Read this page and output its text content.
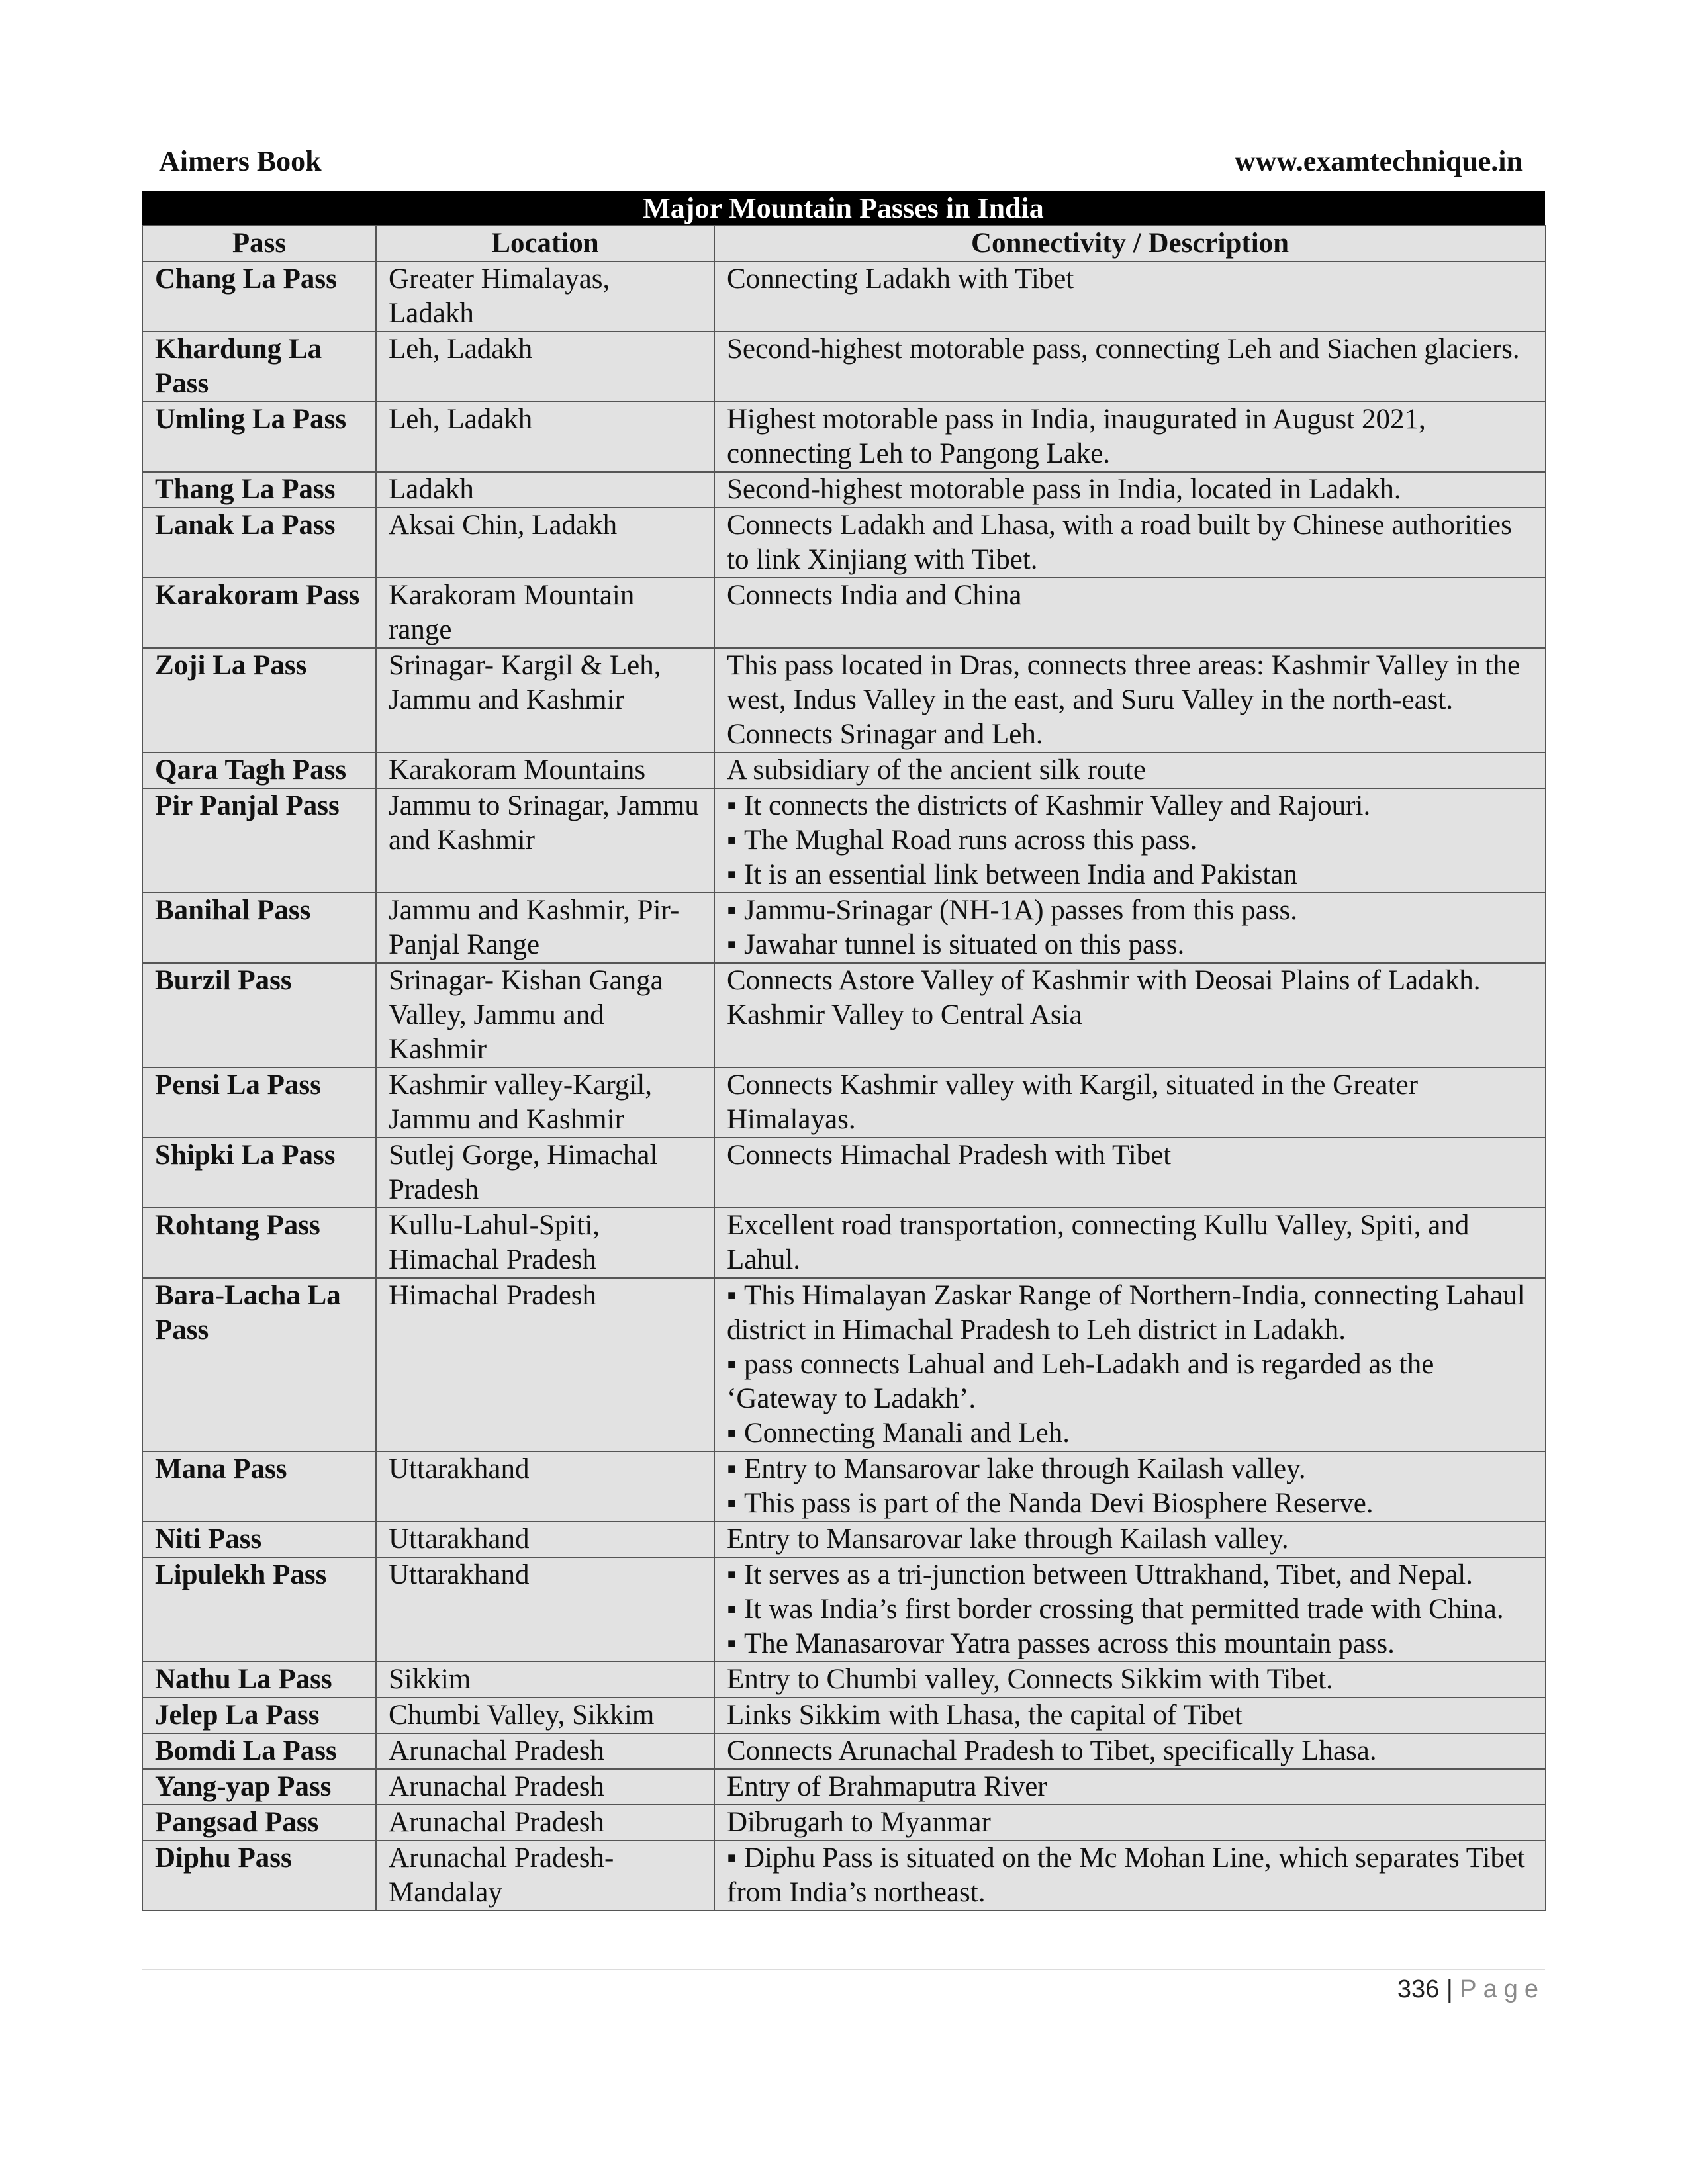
Aimers Book	www.examtechnique.in
Major Mountain Passes in India
Pass	Location	Connectivity / Description
Chang La Pass	Greater Himalayas, Ladakh	Connecting Ladakh with Tibet

Khardung La Pass	Leh, Ladakh	Second-highest motorable pass, connecting Leh and Siachen glaciers.

Umling La Pass	Leh, Ladakh	Highest motorable pass in India, inaugurated in August 2021, connecting Leh to Pangong Lake.

Thang La Pass	Ladakh	Second-highest motorable pass in India, located in Ladakh.

Lanak La Pass	Aksai Chin, Ladakh	Connects Ladakh and Lhasa, with a road built by Chinese authorities to link Xinjiang with Tibet.

Karakoram Pass	Karakoram Mountain range	Connects India and China

Zoji La Pass	Srinagar- Kargil & Leh, Jammu and Kashmir	This pass located in Dras, connects three areas: Kashmir Valley in the west, Indus Valley in the east, and Suru Valley in the north-east. Connects Srinagar and Leh.

Qara Tagh Pass	Karakoram Mountains	A subsidiary of the ancient silk route

Pir Panjal Pass	Jammu to Srinagar, Jammu and Kashmir	▪ It connects the districts of Kashmir Valley and Rajouri.
▪ The Mughal Road runs across this pass.
▪ It is an essential link between India and Pakistan

Banihal Pass	Jammu and Kashmir, Pir-Panjal Range	▪ Jammu-Srinagar (NH-1A) passes from this pass.
▪ Jawahar tunnel is situated on this pass.

Burzil Pass	Srinagar- Kishan Ganga Valley, Jammu and Kashmir	Connects Astore Valley of Kashmir with Deosai Plains of Ladakh. Kashmir Valley to Central Asia

Pensi La Pass	Kashmir valley-Kargil, Jammu and Kashmir	Connects Kashmir valley with Kargil, situated in the Greater Himalayas.

Shipki La Pass	Sutlej Gorge, Himachal Pradesh	Connects Himachal Pradesh with Tibet

Rohtang Pass	Kullu-Lahul-Spiti, Himachal Pradesh	Excellent road transportation, connecting Kullu Valley, Spiti, and Lahul.

Bara-Lacha La Pass	Himachal Pradesh	▪ This Himalayan Zaskar Range of Northern-India, connecting Lahaul district in Himachal Pradesh to Leh district in Ladakh.
▪ pass connects Lahual and Leh-Ladakh and is regarded as the ‘Gateway to Ladakh’.
▪ Connecting Manali and Leh.

Mana Pass	Uttarakhand	▪ Entry to Mansarovar lake through Kailash valley.
▪ This pass is part of the Nanda Devi Biosphere Reserve.

Niti Pass	Uttarakhand	Entry to Mansarovar lake through Kailash valley.

Lipulekh Pass	Uttarakhand	▪ It serves as a tri-junction between Uttrakhand, Tibet, and Nepal.
▪ It was India’s first border crossing that permitted trade with China.
▪ The Manasarovar Yatra passes across this mountain pass.

Nathu La Pass	Sikkim	Entry to Chumbi valley, Connects Sikkim with Tibet.

Jelep La Pass	Chumbi Valley, Sikkim	Links Sikkim with Lhasa, the capital of Tibet

Bomdi La Pass	Arunachal Pradesh	Connects Arunachal Pradesh to Tibet, specifically Lhasa.

Yang-yap Pass	Arunachal Pradesh	Entry of Brahmaputra River

Pangsad Pass	Arunachal Pradesh	Dibrugarh to Myanmar

Diphu Pass	Arunachal Pradesh-Mandalay	▪ Diphu Pass is situated on the Mc Mohan Line, which separates Tibet from India’s northeast.
336 | Page
